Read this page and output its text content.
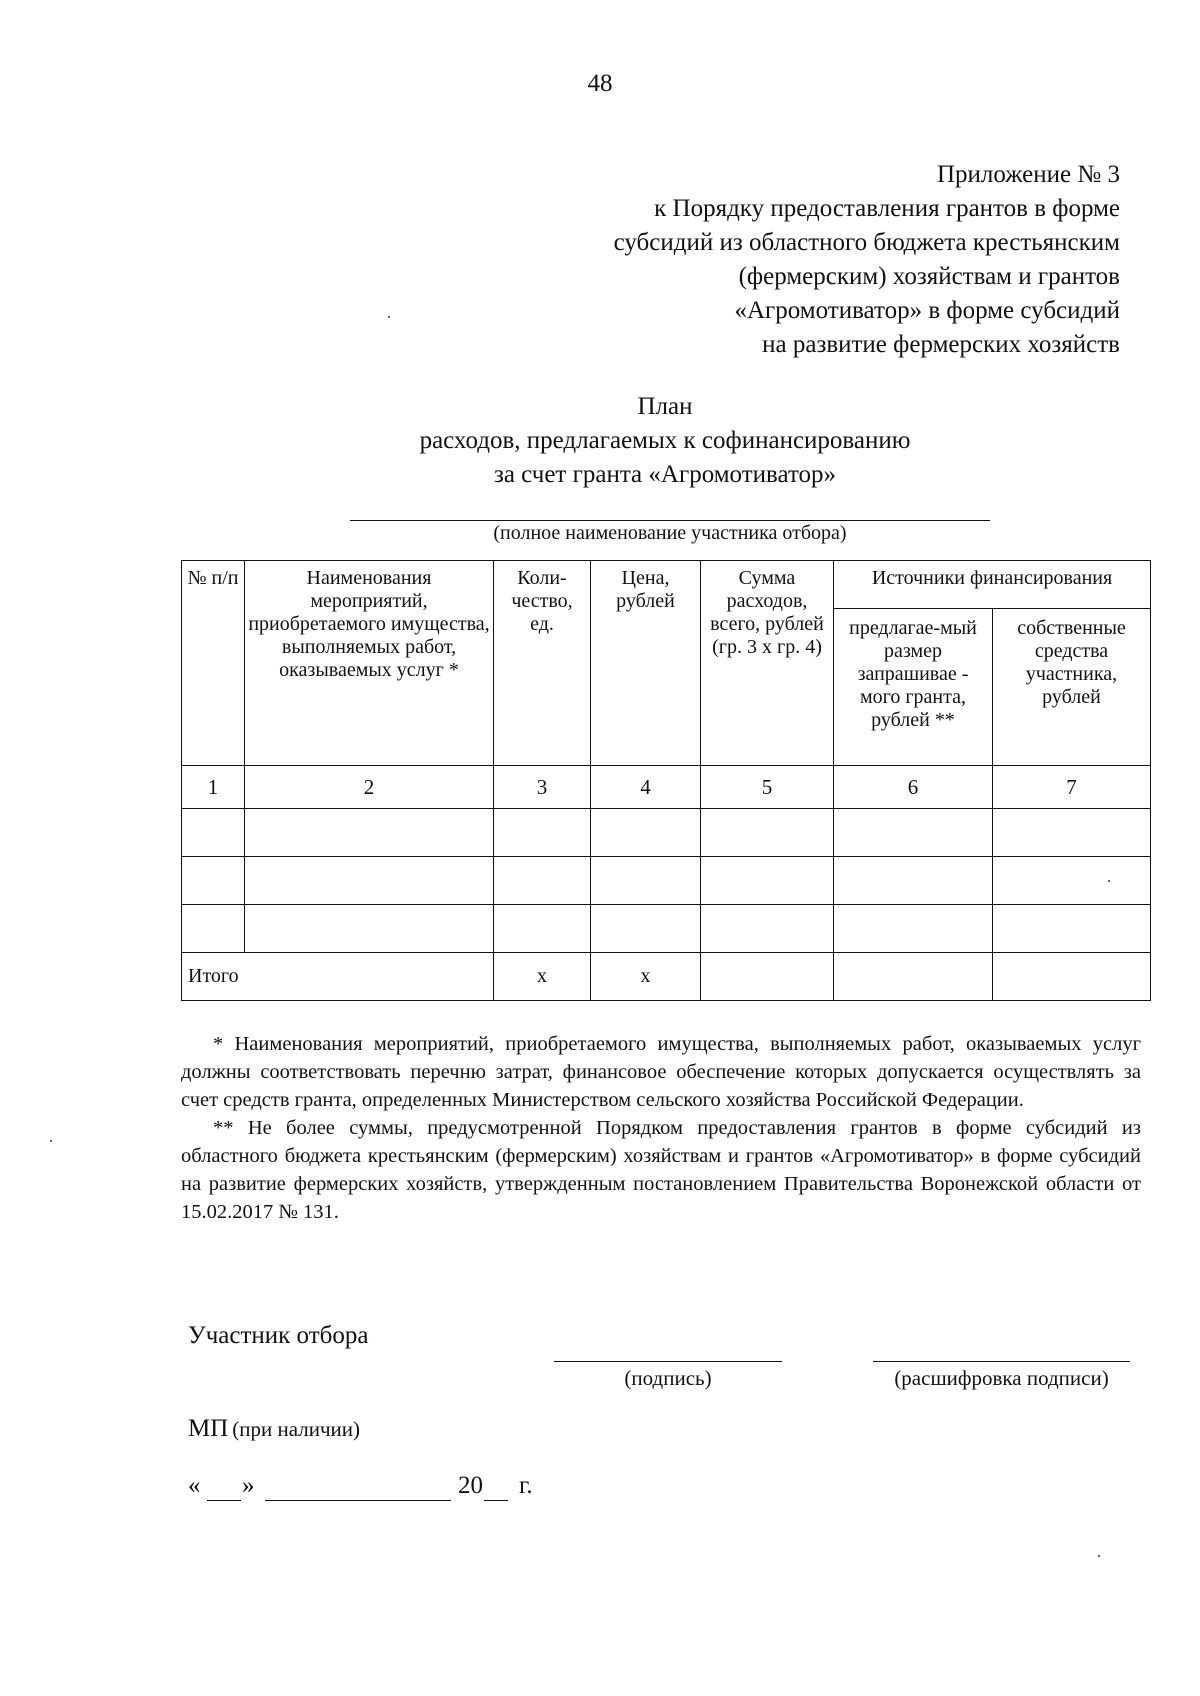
48
Приложение № 3
к Порядку предоставления грантов в форме
субсидий из областного бюджета крестьянским
(фермерским) хозяйствам и грантов
«Агромотиватор» в форме субсидий
на развитие фермерских хозяйств
План
расходов, предлагаемых к софинансированию
за счет гранта «Агромотиватор»
(полное наименование участника отбора)
№ п/п	Наименования мероприятий, приобретаемого имущества, выполняемых работ, оказываемых услуг *	Коли-чество, ед.	Цена, рублей	Сумма расходов, всего, рублей (гр. 3 х гр. 4)	Источники финансирования	
					предлагае-мый размер запрашивае - мого гранта, рублей **	собственные средства участника, рублей
1	2	3	4	5	6	7

Итого		х	х			

* Наименования мероприятий, приобретаемого имущества, выполняемых работ, оказываемых услуг должны соответствовать перечню затрат, финансовое обеспечение которых допускается осуществлять за счет средств гранта, определенных Министерством сельского хозяйства Российской Федерации.

** Не более суммы, предусмотренной Порядком предоставления грантов в форме субсидий из областного бюджета крестьянским (фермерским) хозяйствам и грантов «Агромотиватор» в форме субсидий на развитие фермерских хозяйств, утвержденным постановлением Правительства Воронежской области от 15.02.2017 № 131.

Участник отбора
(подпись)	(расшифровка подписи)
МП (при наличии)
« »	20 г.
